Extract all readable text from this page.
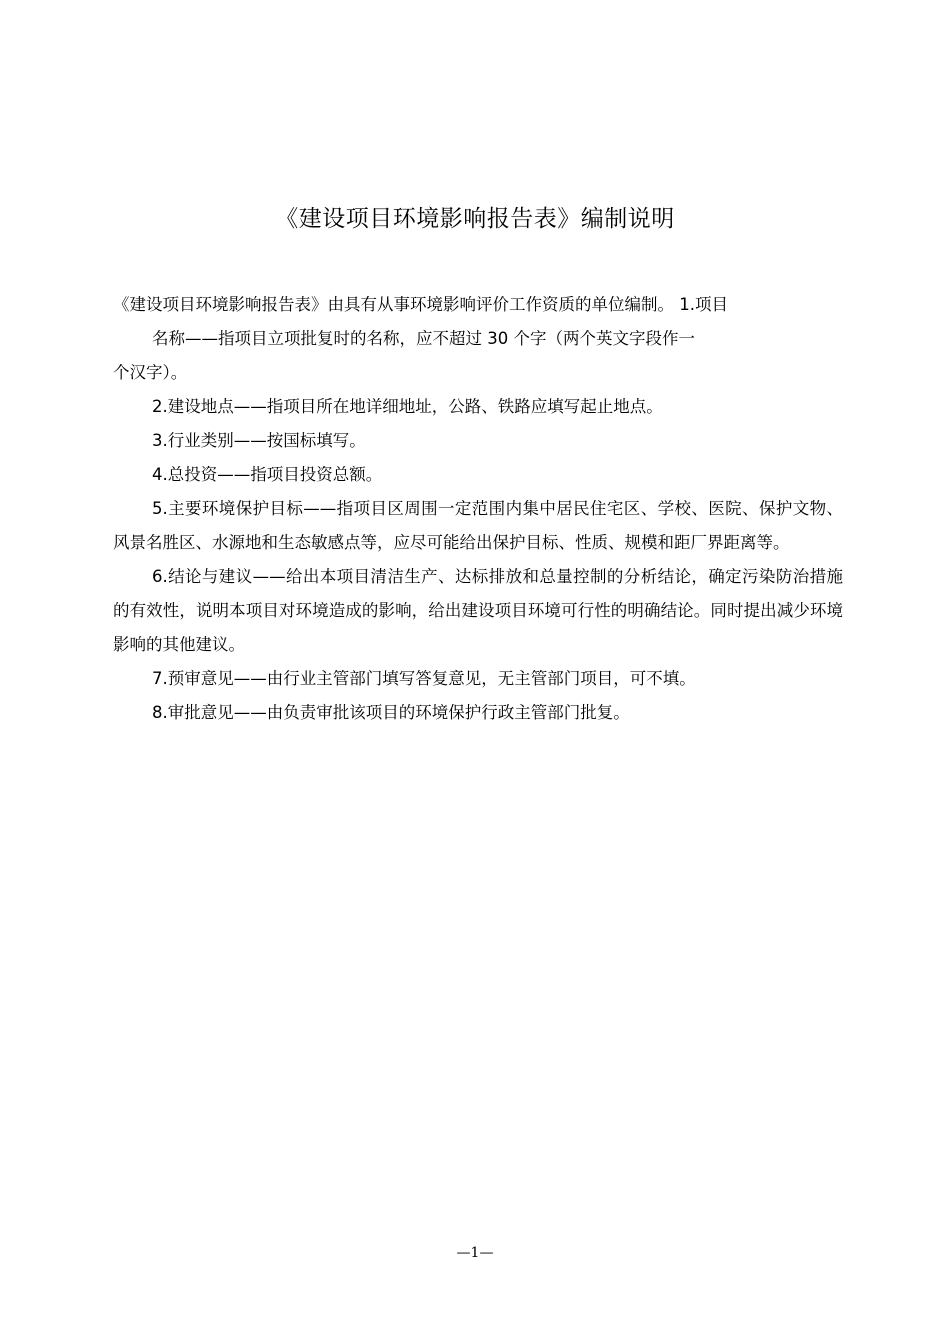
《建设项目环境影响报告表》编制说明

《建设项目环境影响报告表》由具有从事环境影响评价工作资质的单位编制。 1.项目
名称——指项目立项批复时的名称，应不超过 30 个字（两个英文字段作一
个汉字）。

2.建设地点——指项目所在地详细地址，公路、铁路应填写起止地点。

3.行业类别——按国标填写。

4.总投资——指项目投资总额。

5.主要环境保护目标——指项目区周围一定范围内集中居民住宅区、学校、医院、保护文物、风景名胜区、水源地和生态敏感点等，应尽可能给出保护目标、性质、规模和距厂界距离等。

6.结论与建议——给出本项目清洁生产、达标排放和总量控制的分析结论，确定污染防治措施的有效性，说明本项目对环境造成的影响，给出建设项目环境可行性的明确结论。同时提出减少环境影响的其他建议。

7.预审意见——由行业主管部门填写答复意见，无主管部门项目，可不填。

8.审批意见——由负责审批该项目的环境保护行政主管部门批复。

—1—
